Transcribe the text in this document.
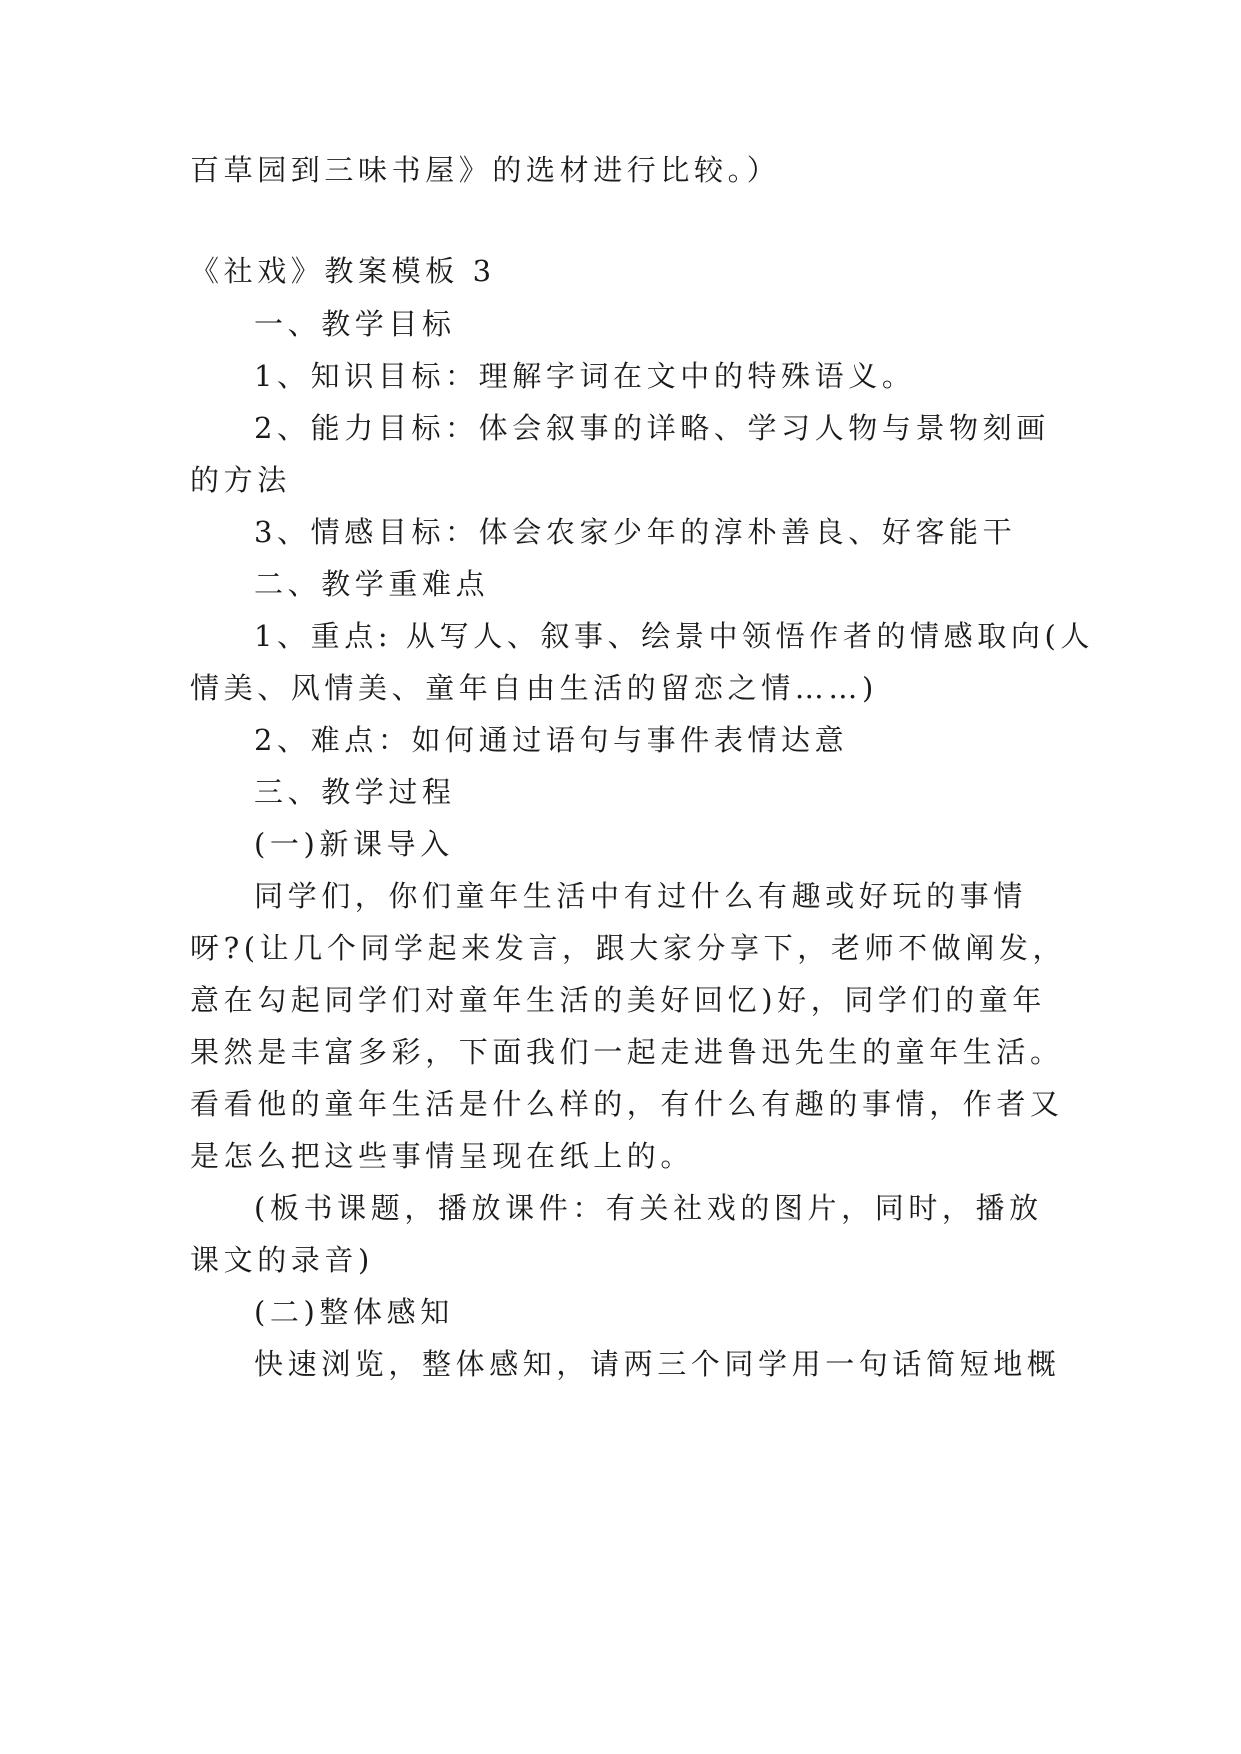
百草园到三味书屋》的选材进行比较。）
《社戏》教案模板 3
一、教学目标
1、知识目标：理解字词在文中的特殊语义。
2、能力目标：体会叙事的详略、学习人物与景物刻画
的方法
3、情感目标：体会农家少年的淳朴善良、好客能干
二、教学重难点
1、重点: 从写人、叙事、绘景中领悟作者的情感取向(人
情美、风情美、童年自由生活的留恋之情……)
2、难点：如何通过语句与事件表情达意
三、教学过程
(一)新课导入
同学们，你们童年生活中有过什么有趣或好玩的事情
呀?(让几个同学起来发言，跟大家分享下，老师不做阐发，
意在勾起同学们对童年生活的美好回忆)好，同学们的童年
果然是丰富多彩，下面我们一起走进鲁迅先生的童年生活。
看看他的童年生活是什么样的，有什么有趣的事情，作者又
是怎么把这些事情呈现在纸上的。
(板书课题，播放课件：有关社戏的图片，同时，播放
课文的录音)
(二)整体感知
快速浏览，整体感知，请两三个同学用一句话简短地概
